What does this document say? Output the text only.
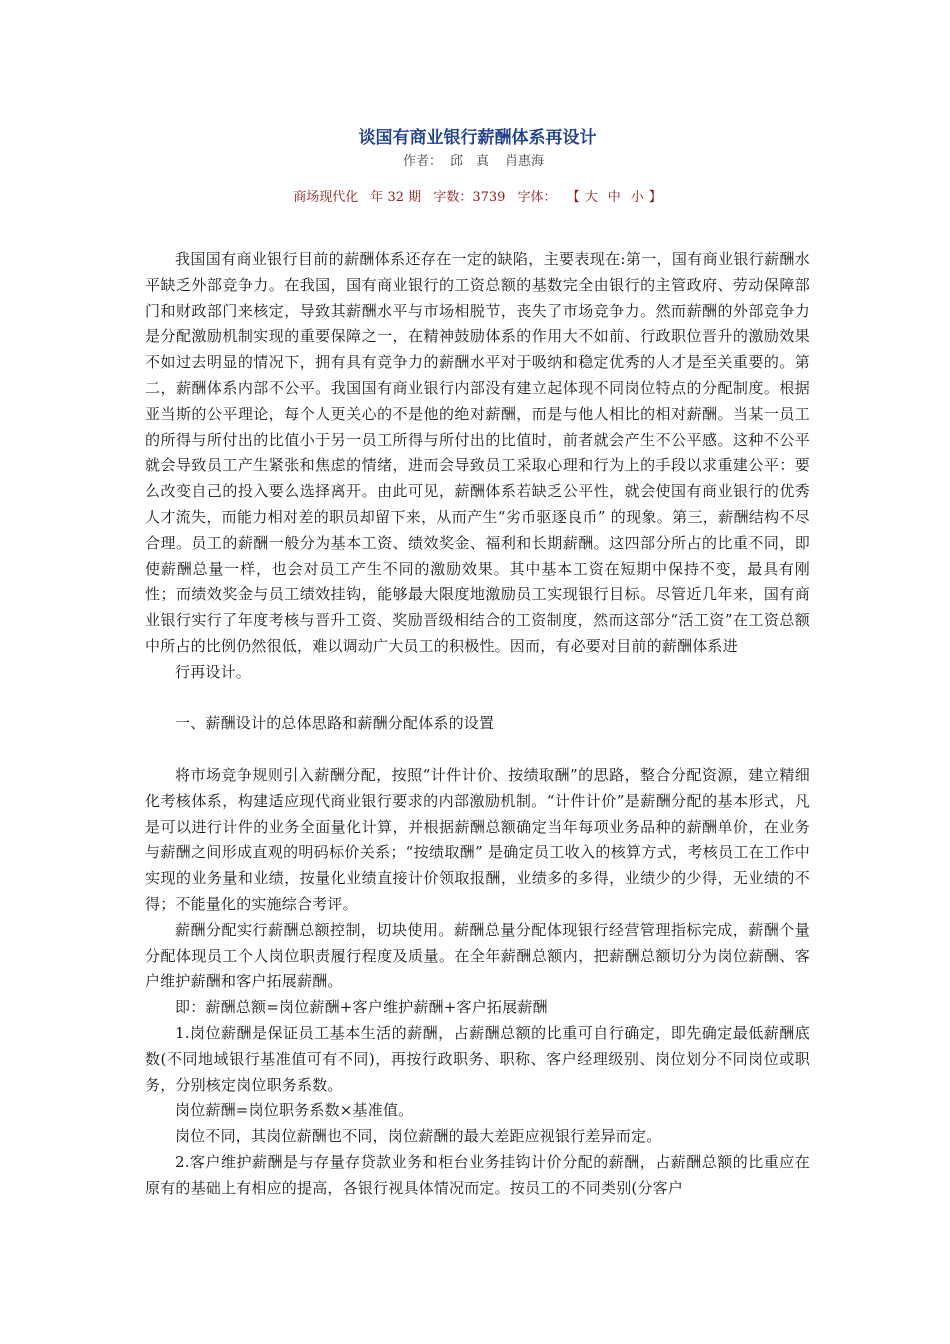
谈国有商业银行薪酬体系再设计
作者： 邱　真 肖惠海
商场现代化 年 32 期 字数：3739 字体： 【 大 中 小 】

我国国有商业银行目前的薪酬体系还存在一定的缺陷，主要表现在:第一，国有商业银行薪酬水平缺乏外部竞争力。在我国，国有商业银行的工资总额的基数完全由银行的主管政府、劳动保障部门和财政部门来核定，导致其薪酬水平与市场相脱节，丧失了市场竞争力。然而薪酬的外部竞争力是分配激励机制实现的重要保障之一，在精神鼓励体系的作用大不如前、行政职位晋升的激励效果不如过去明显的情况下，拥有具有竞争力的薪酬水平对于吸纳和稳定优秀的人才是至关重要的。第二，薪酬体系内部不公平。我国国有商业银行内部没有建立起体现不同岗位特点的分配制度。根据亚当斯的公平理论，每个人更关心的不是他的绝对薪酬，而是与他人相比的相对薪酬。当某一员工的所得与所付出的比值小于另一员工所得与所付出的比值时，前者就会产生不公平感。这种不公平就会导致员工产生紧张和焦虑的情绪，进而会导致员工采取心理和行为上的手段以求重建公平：要么改变自己的投入要么选择离开。由此可见，薪酬体系若缺乏公平性，就会使国有商业银行的优秀人才流失，而能力相对差的职员却留下来，从而产生“劣币驱逐良币” 的现象。第三，薪酬结构不尽合理。员工的薪酬一般分为基本工资、绩效奖金、福利和长期薪酬。这四部分所占的比重不同，即使薪酬总量一样，也会对员工产生不同的激励效果。其中基本工资在短期中保持不变，最具有刚性；而绩效奖金与员工绩效挂钩，能够最大限度地激励员工实现银行目标。尽管近几年来，国有商业银行实行了年度考核与晋升工资、奖励晋级相结合的工资制度，然而这部分“活工资”在工资总额中所占的比例仍然很低，难以调动广大员工的积极性。因而，有必要对目前的薪酬体系进

行再设计。

一、薪酬设计的总体思路和薪酬分配体系的设置

将市场竞争规则引入薪酬分配，按照“计件计价、按绩取酬”的思路，整合分配资源，建立精细化考核体系，构建适应现代商业银行要求的内部激励机制。“计件计价”是薪酬分配的基本形式，凡是可以进行计件的业务全面量化计算，并根据薪酬总额确定当年每项业务品种的薪酬单价，在业务与薪酬之间形成直观的明码标价关系；“按绩取酬” 是确定员工收入的核算方式，考核员工在工作中实现的业务量和业绩，按量化业绩直接计价领取报酬，业绩多的多得，业绩少的少得，无业绩的不得；不能量化的实施综合考评。

薪酬分配实行薪酬总额控制，切块使用。薪酬总量分配体现银行经营管理指标完成，薪酬个量分配体现员工个人岗位职责履行程度及质量。在全年薪酬总额内，把薪酬总额切分为岗位薪酬、客户维护薪酬和客户拓展薪酬。

即：薪酬总额=岗位薪酬+客户维护薪酬+客户拓展薪酬

1.岗位薪酬是保证员工基本生活的薪酬，占薪酬总额的比重可自行确定，即先确定最低薪酬底数(不同地域银行基准值可有不同)，再按行政职务、职称、客户经理级别、岗位划分不同岗位或职务，分别核定岗位职务系数。

岗位薪酬=岗位职务系数×基准值。

岗位不同，其岗位薪酬也不同，岗位薪酬的最大差距应视银行差异而定。

2.客户维护薪酬是与存量存贷款业务和柜台业务挂钩计价分配的薪酬，占薪酬总额的比重应在原有的基础上有相应的提高，各银行视具体情况而定。按员工的不同类别(分客户
